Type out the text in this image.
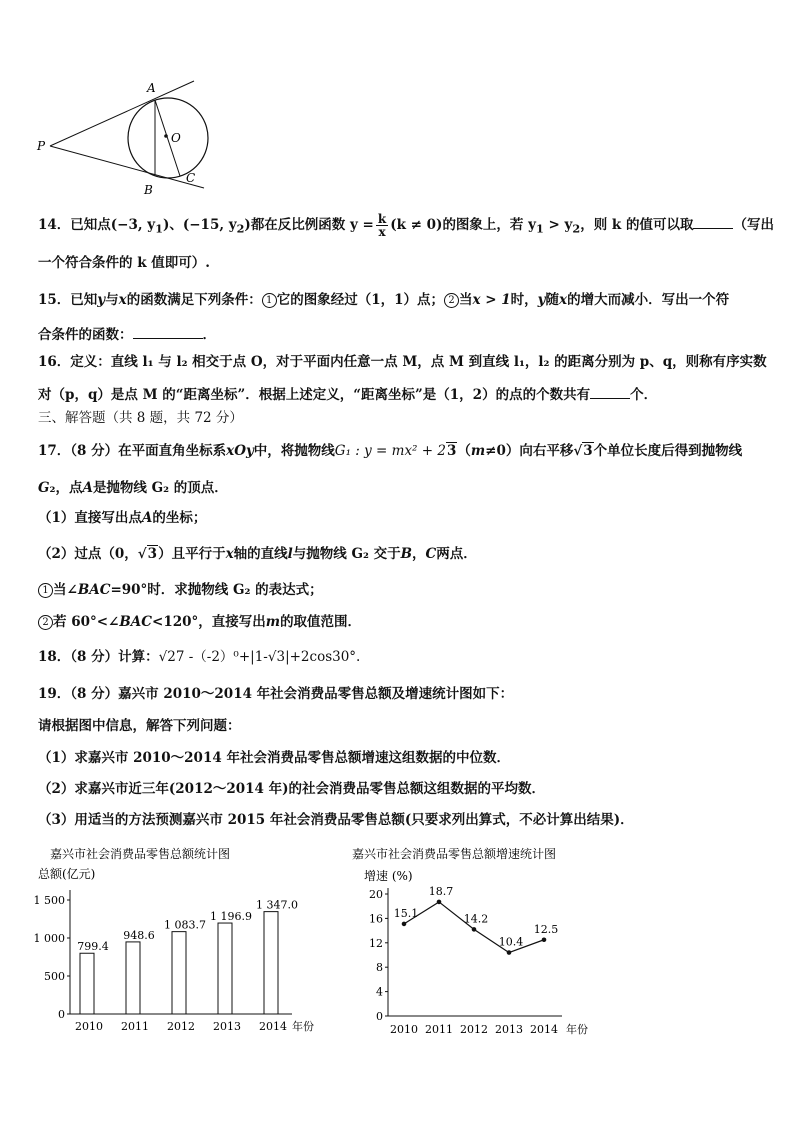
A
O
P
B
C
14．已知点(−3, $y_1$)、(−15, $y_2$)都在反比例函数 $y = \frac{k}{x} (k \ne 0)$的图象上，若 $y_1 > y_2$，则 k 的值可以取	（写出
一个符合条件的 k 值即可）.
15．已知y与x的函数满足下列条件： 1 它的图象经过（1，1）点； 2 当x > 1时，y随x的增大而减小．写出一个符
合条件的函数：	．
16．定义：直线 l₁ 与 l₂ 相交于点 O，对于平面内任意一点 M，点 M 到直线 l₁，l₂ 的距离分别为 p、q，则称有序实数
对（p，q）是点 M 的“距离坐标”．根据上述定义，“距离坐标”是（1，2）的点的个数共有	个．
三、解答题（共 8 题，共 72 分）
17．（8 分）在平面直角坐标系xOy中，将抛物线G₁ : y = mx² + 23（m≠0）向右平移√3个单位长度后得到抛物线
G₂，点A是抛物线 G₂ 的顶点．
（1）直接写出点A的坐标；
（2）过点（0，√3）且平行于x轴的直线l与抛物线 G₂ 交于B，C两点．
1 当∠BAC=90°时．求抛物线 G₂ 的表达式；
2 若 60°<∠BAC<120°，直接写出m的取值范围．
18．（8 分）计算：√27 -（-2）⁰+|1-√3|+2cos30°.
19．（8 分）嘉兴市 2010～2014 年社会消费品零售总额及增速统计图如下：
请根据图中信息，解答下列问题：
（1）求嘉兴市 2010～2014 年社会消费品零售总额增速这组数据的中位数．
（2）求嘉兴市近三年(2012～2014 年)的社会消费品零售总额这组数据的平均数．
（3）用适当的方法预测嘉兴市 2015 年社会消费品零售总额(只要求列出算式，不必计算出结果)．
嘉兴市社会消费品零售总额统计图
总额(亿元)
0
500
1 000
1 500
799.4
2010
948.6
2011
1 083.7
2012
1 196.9
2013
1 347.0
2014 年份
嘉兴市社会消费品零售总额增速统计图
增速 (%)
0
4
8
12
16
20
15.1
2010
18.7
2011
14.2
2012
10.4
2013
12.5
2014 年份
